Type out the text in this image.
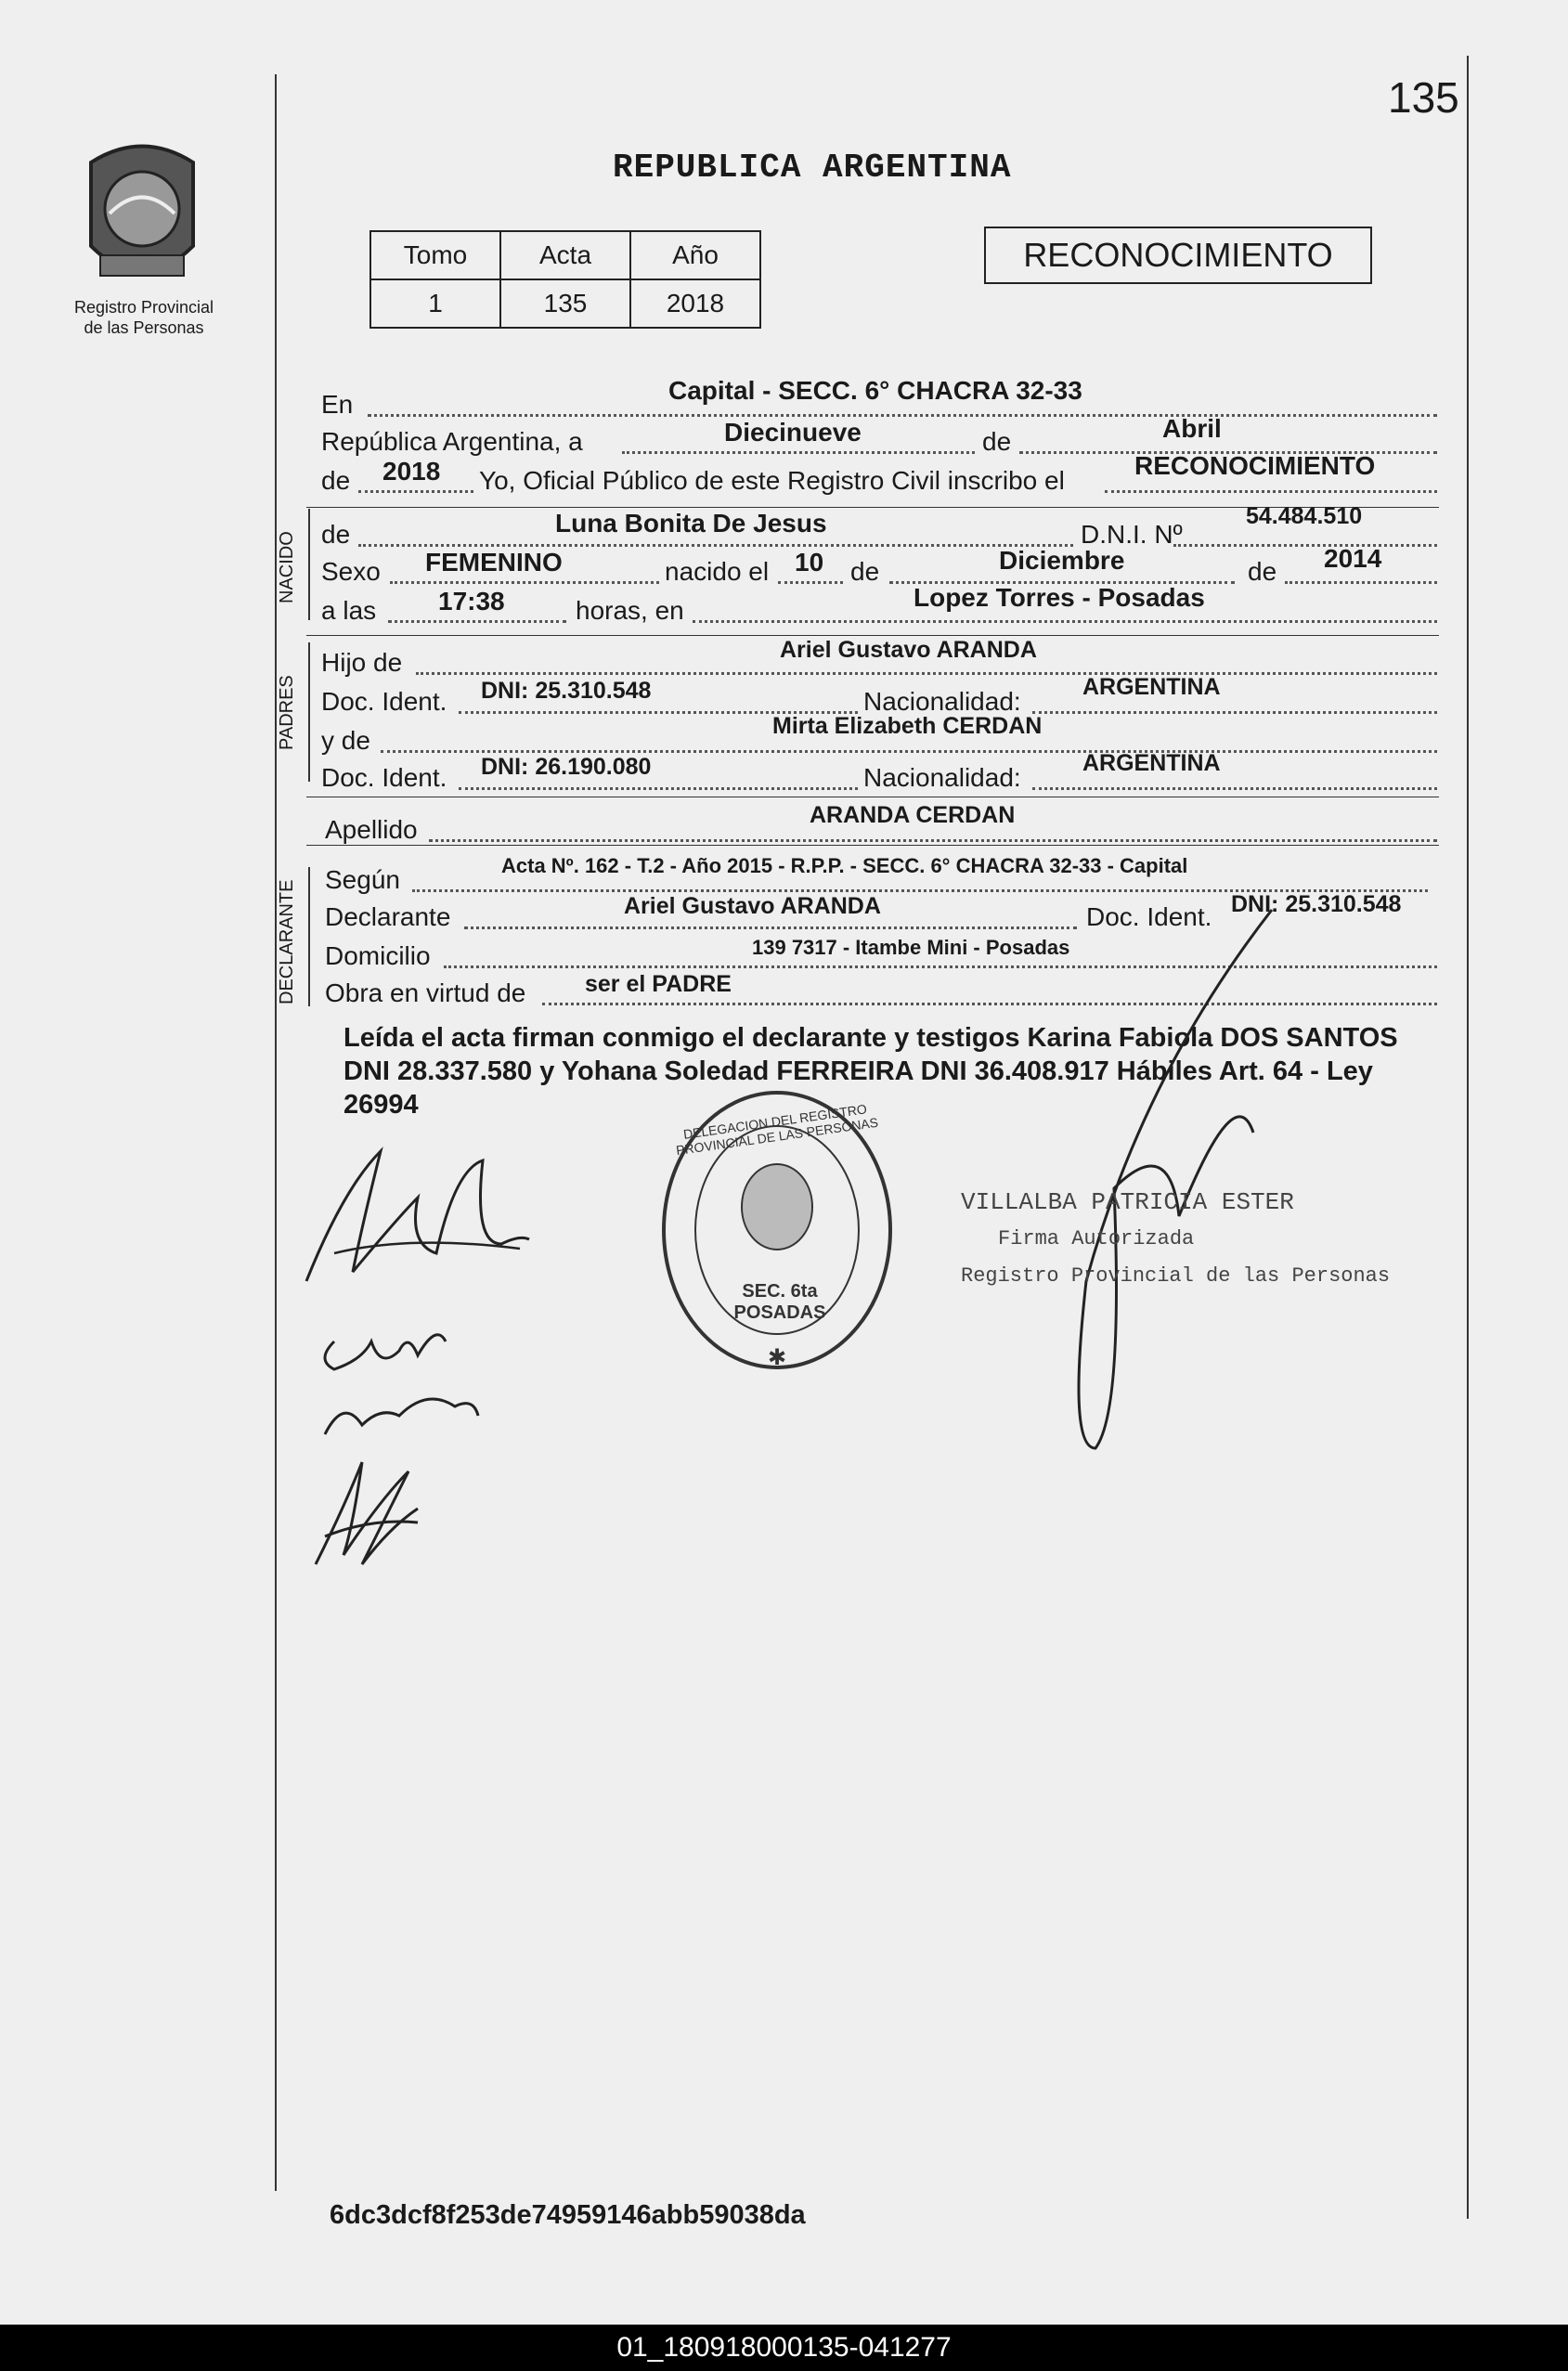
135
Registro Provincial
de las Personas
REPUBLICA ARGENTINA
Tomo	Acta	Año
1	135	2018
RECONOCIMIENTO
En	Capital - SECC. 6° CHACRA 32-33
República Argentina, a	Diecinueve	de	Abril
de 2018 Yo, Oficial Público de este Registro Civil inscribo el
RECONOCIMIENTO
NACIDO de	Luna Bonita De Jesus	D.N.I. Nº
54.484.510
Sexo FEMENINO	nacido el 10 de	Diciembre	de 2014
a las 17:38	horas, en	Lopez Torres - Posadas
PADRES
Hijo de	Ariel Gustavo ARANDA
Doc. Ident. DNI: 25.310.548	Nacionalidad:	ARGENTINA
y de	Mirta Elizabeth CERDAN
Doc. Ident. DNI: 26.190.080	Nacionalidad:	ARGENTINA
Apellido	ARANDA CERDAN
DECLARANTE
Según	Acta Nº. 162 - T.2 - Año 2015 - R.P.P. - SECC. 6° CHACRA 32-33 - Capital
Declarante	Ariel Gustavo ARANDA	Doc. Ident. DNI: 25.310.548
Domicilio	139 7317 - Itambe Mini - Posadas
Obra en virtud de	ser el PADRE
Leída el acta firman conmigo el declarante y testigos Karina Fabiola DOS SANTOS DNI 28.337.580 y Yohana Soledad FERREIRA DNI 36.408.917 Hábiles Art. 64 - Ley 26994
✱
DELEGACION DEL REGISTRO PROVINCIAL DE LAS PERSONAS
SEC. 6ta POSADAS
VILLALBA PATRICIA ESTER
Firma Autorizada
Registro Provincial de las Personas
6dc3dcf8f253de74959146abb59038da
01_180918000135-041277
